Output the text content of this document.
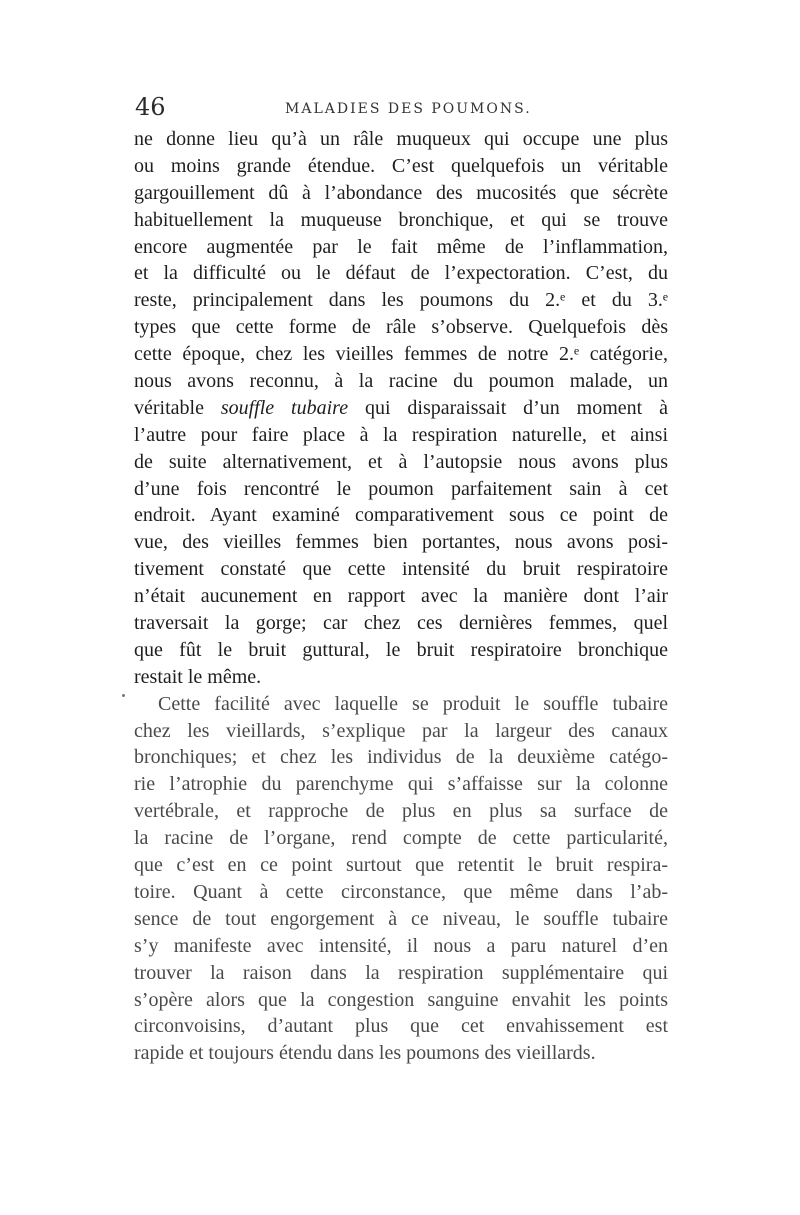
46	MALADIES DES POUMONS.
ne donne lieu qu’à un râle muqueux qui occupe une plus
ou moins grande étendue. C’est quelquefois un véritable
gargouillement dû à l’abondance des mucosités que sécrète
habituellement la muqueuse bronchique, et qui se trouve
encore augmentée par le fait même de l’inflammation,
et la difficulté ou le défaut de l’expectoration. C’est, du
reste, principalement dans les poumons du 2.ᵉ et du 3.ᵉ
types que cette forme de râle s’observe. Quelquefois dès
cette époque, chez les vieilles femmes de notre 2.ᵉ catégorie,
nous avons reconnu, à la racine du poumon malade, un
véritable souffle tubaire qui disparaissait d’un moment à
l’autre pour faire place à la respiration naturelle, et ainsi
de suite alternativement, et à l’autopsie nous avons plus
d’une fois rencontré le poumon parfaitement sain à cet
endroit. Ayant examiné comparativement sous ce point de
vue, des vieilles femmes bien portantes, nous avons posi-
tivement constaté que cette intensité du bruit respiratoire
n’était aucunement en rapport avec la manière dont l’air
traversait la gorge; car chez ces dernières femmes, quel
que fût le bruit guttural, le bruit respiratoire bronchique
restait le même.
Cette facilité avec laquelle se produit le souffle tubaire
chez les vieillards, s’explique par la largeur des canaux
bronchiques; et chez les individus de la deuxième catégo-
rie l’atrophie du parenchyme qui s’affaisse sur la colonne
vertébrale, et rapproche de plus en plus sa surface de
la racine de l’organe, rend compte de cette particularité,
que c’est en ce point surtout que retentit le bruit respira-
toire. Quant à cette circonstance, que même dans l’ab-
sence de tout engorgement à ce niveau, le souffle tubaire
s’y manifeste avec intensité, il nous a paru naturel d’en
trouver la raison dans la respiration supplémentaire qui
s’opère alors que la congestion sanguine envahit les points
circonvoisins, d’autant plus que cet envahissement est
rapide et toujours étendu dans les poumons des vieillards.
